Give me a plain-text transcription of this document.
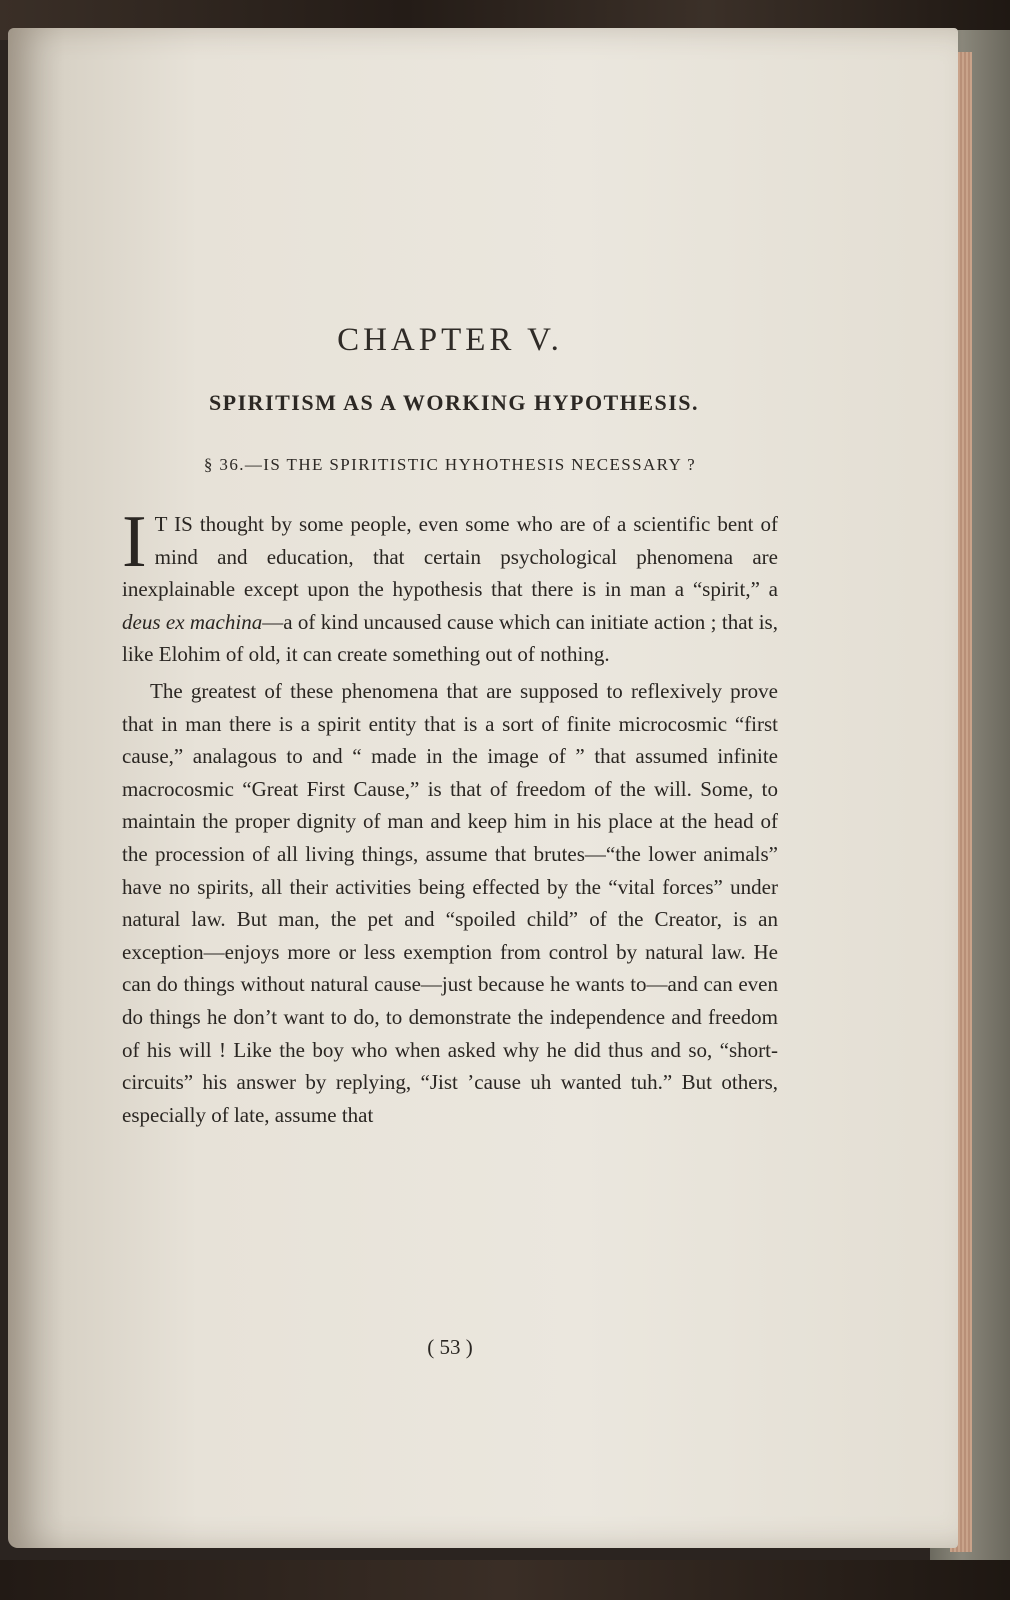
CHAPTER V.
SPIRITISM AS A WORKING HYPOTHESIS.
§ 36.—IS THE SPIRITISTIC HYHOTHESIS NECESSARY ?

I T IS thought by some people, even some who are of a scientific bent of mind and education, that certain psychological phenomena are inexplainable except upon the hypothesis that there is in man a “spirit,” a deus ex machina—a of kind uncaused cause which can initiate action ; that is, like Elohim of old, it can create something out of nothing.

The greatest of these phenomena that are supposed to reflexively prove that in man there is a spirit entity that is a sort of finite microcosmic “first cause,” analagous to and “ made in the image of ” that assumed infinite macrocosmic “Great First Cause,” is that of freedom of the will. Some, to maintain the proper dignity of man and keep him in his place at the head of the procession of all living things, assume that brutes—“the lower animals” have no spirits, all their activities being effected by the “vital forces” under natural law. But man, the pet and “spoiled child” of the Creator, is an exception—enjoys more or less exemption from control by natural law. He can do things without natural cause—just because he wants to—and can even do things he don’t want to do, to demonstrate the independence and freedom of his will ! Like the boy who when asked why he did thus and so, “short-circuits” his answer by replying, “Jist ’cause uh wanted tuh.” But others, especially of late, assume that

( 53 )
